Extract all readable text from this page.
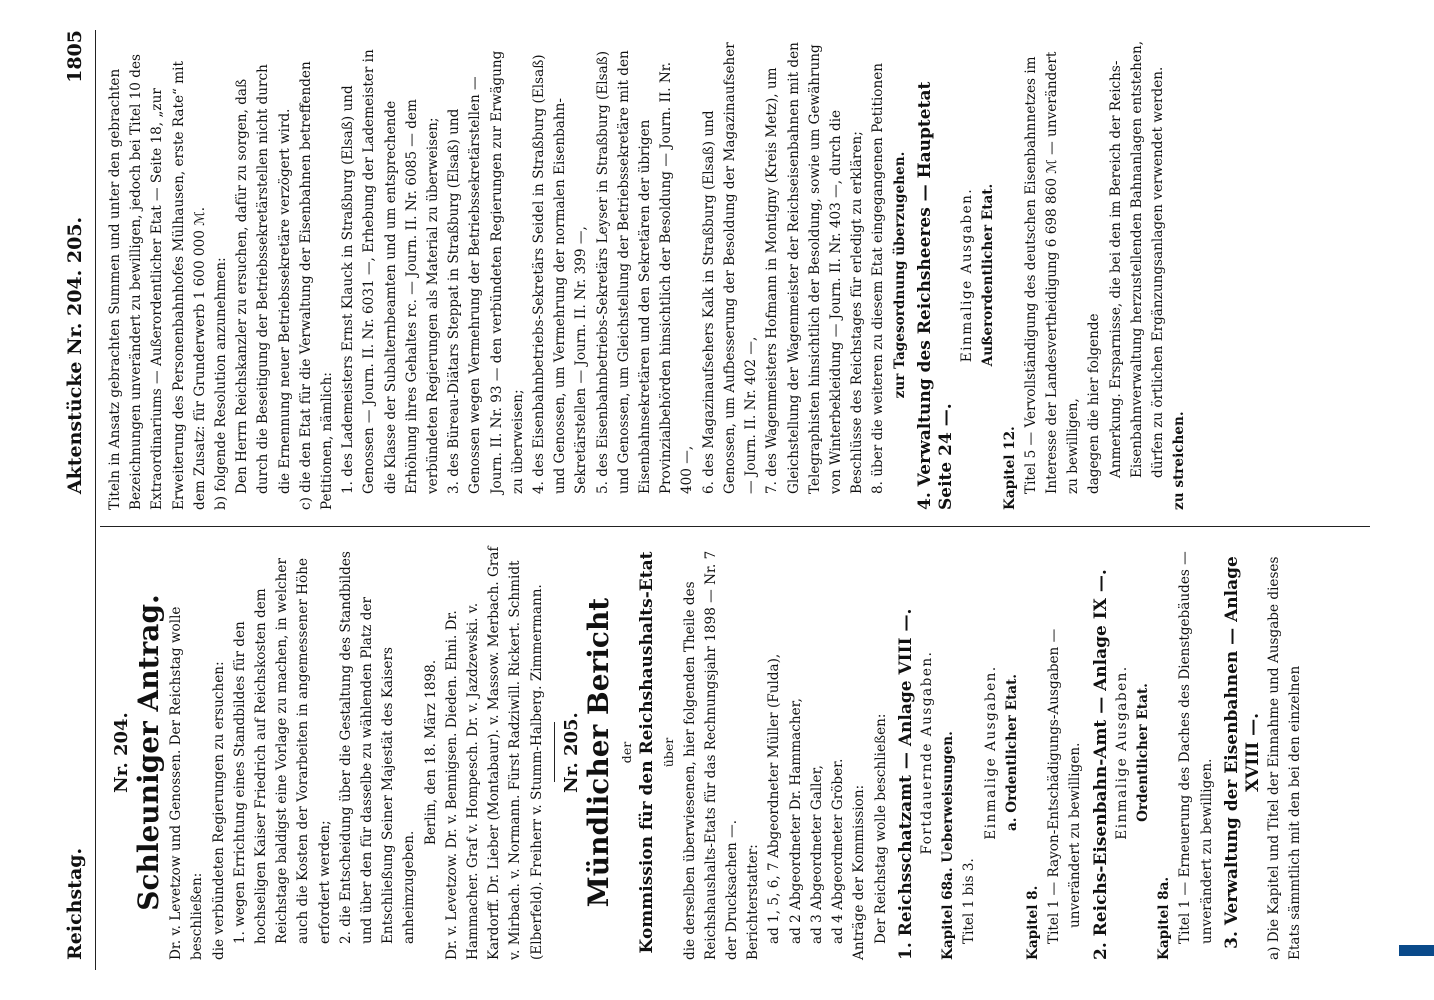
Reichstag.
Aktenstücke Nr. 204. 205.
1805

Nr. 204. Schleuniger Antrag. Dr. v. Levetzow und Genossen. Der Reichstag wolle beschließen: die verbündeten Regierungen zu ersuchen: 1. wegen Errichtung eines Standbildes für den hochseligen Kaiser Friedrich auf Reichskosten dem Reichstage baldigst eine Vorlage zu machen, in welcher auch die Kosten der Vorarbeiten in angemessener Höhe erfordert werden; 2. die Entscheidung über die Gestaltung des Standbildes und über den für dasselbe zu wählenden Platz der Entschließung Seiner Majestät des Kaisers anheimzugeben.

Berlin, den 18. März 1898. Dr. v. Levetzow. Dr. v. Bennigsen. Dieden. Ehni. Dr. Hammacher. Graf v. Hompesch. Dr. v. Jazdzewski. v. Kardorff. Dr. Lieber (Montabaur). v. Massow. Merbach. Graf v. Mirbach. v. Normann. Fürst Radziwill. Rickert. Schmidt (Elberfeld). Freiherr v. Stumm-Halberg. Zimmermann. Nr. 205. Mündlicher Bericht der Kommission für den Reichshaushalts-Etat über die derselben überwiesenen, hier folgenden Theile des Reichshaushalts-Etats für das Rechnungsjahr 1898 — Nr. 7 der Drucksachen —. Berichterstatter: ad 1, 5, 6, 7 Abgeordneter Müller (Fulda), ad 2 Abgeordneter Dr. Hammacher, ad 3 Abgeordneter Galler, ad 4 Abgeordneter Gröber. Anträge der Kommission: Der Reichstag wolle beschließen: 1. Reichsschatzamt — Anlage VIII —. Fortdauernde Ausgaben. Kapitel 68a. Ueberweisungen. Titel 1 bis 3.

Einmalige Ausgaben. a. Ordentlicher Etat.

Kapitel 8. Titel 1 — Rayon-Entschädigungs-Ausgaben — unverändert zu bewilligen. 2. Reichs-Eisenbahn-Amt — Anlage IX —. Einmalige Ausgaben. Ordentlicher Etat.

Kapitel 8a. Titel 1 — Erneuerung des Daches des Dienstgebäudes — unverändert zu bewilligen. 3. Verwaltung der Eisenbahnen — Anlage XVIII —. a) Die Kapitel und Titel der Einnahme und Ausgabe dieses Etats sämmtlich mit den bei den einzelnen

Titeln in Ansatz gebrachten Summen und unter den gebrachten Bezeichnungen unverändert zu bewilligen, jedoch bei Titel 10 des Extraordinariums — Außerordentlicher Etat — Seite 18, „zur Erweiterung des Personenbahnhofes Mülhausen, erste Rate“ mit dem Zusatz: für Grunderwerb 1 600 000 ℳ. b) folgende Resolution anzunehmen: Den Herrn Reichskanzler zu ersuchen, dafür zu sorgen, daß durch die Beseitigung der Betriebssekretärstellen nicht durch die Ernennung neuer Betriebssekretäre verzögert wird. c) die den Etat für die Verwaltung der Eisenbahnen betreffenden Petitionen, nämlich: 1. des Lademeisters Ernst Klauck in Straßburg (Elsaß) und Genossen — Journ. II. Nr. 6031 —, Erhebung der Lademeister in die Klasse der Subalternbeamten und um entsprechende Erhöhung ihres Gehaltes rc. — Journ. II. Nr. 6085 — dem verbündeten Regierungen als Material zu überweisen; 3. des Büreau-Diätars Steppat in Straßburg (Elsaß) und Genossen wegen Vermehrung der Betriebssekretärstellen — Journ. II. Nr. 93 — den verbündeten Regierungen zur Erwägung zu überweisen; 4. des Eisenbahnbetriebs-Sekretärs Seidel in Straßburg (Elsaß) und Genossen, um Vermehrung der normalen Eisenbahn-Sekretärstellen — Journ. II. Nr. 399 —, 5. des Eisenbahnbetriebs-Sekretärs Leyser in Straßburg (Elsaß) und Genossen, um Gleichstellung der Betriebssekretäre mit den Eisenbahnsekretären und den Sekretären der übrigen Provinzialbehörden hinsichtlich der Besoldung — Journ. II. Nr. 400 —, 6. des Magazinaufsehers Kalk in Straßburg (Elsaß) und Genossen, um Aufbesserung der Besoldung der Magazinaufseher — Journ. II. Nr. 402 —, 7. des Wagenmeisters Hofmann in Montigny (Kreis Metz), um Gleichstellung der Wagenmeister der Reichseisenbahnen mit den Telegraphisten hinsichtlich der Besoldung, sowie um Gewährung von Winterbekleidung — Journ. II. Nr. 403 —, durch die Beschlüsse des Reichstages für erledigt zu erklären; 8. über die weiteren zu diesem Etat eingegangenen Petitionen zur Tagesordnung überzugehen. 4. Verwaltung des Reichsheeres — Hauptetat Seite 24 —.

Einmalige Ausgaben. Außerordentlicher Etat.

Kapitel 12. Titel 5 — Vervollständigung des deutschen Eisenbahnnetzes im Interesse der Landesvertheidigung 6 698 860 ℳ — unverändert zu bewilligen, dagegen die hier folgende Anmerkung. Ersparnisse, die bei den im Bereich der Reichs-Eisenbahnverwaltung herzustellenden Bahnanlagen entstehen, dürfen zu örtlichen Ergänzungsanlagen verwendet werden. zu streichen.
